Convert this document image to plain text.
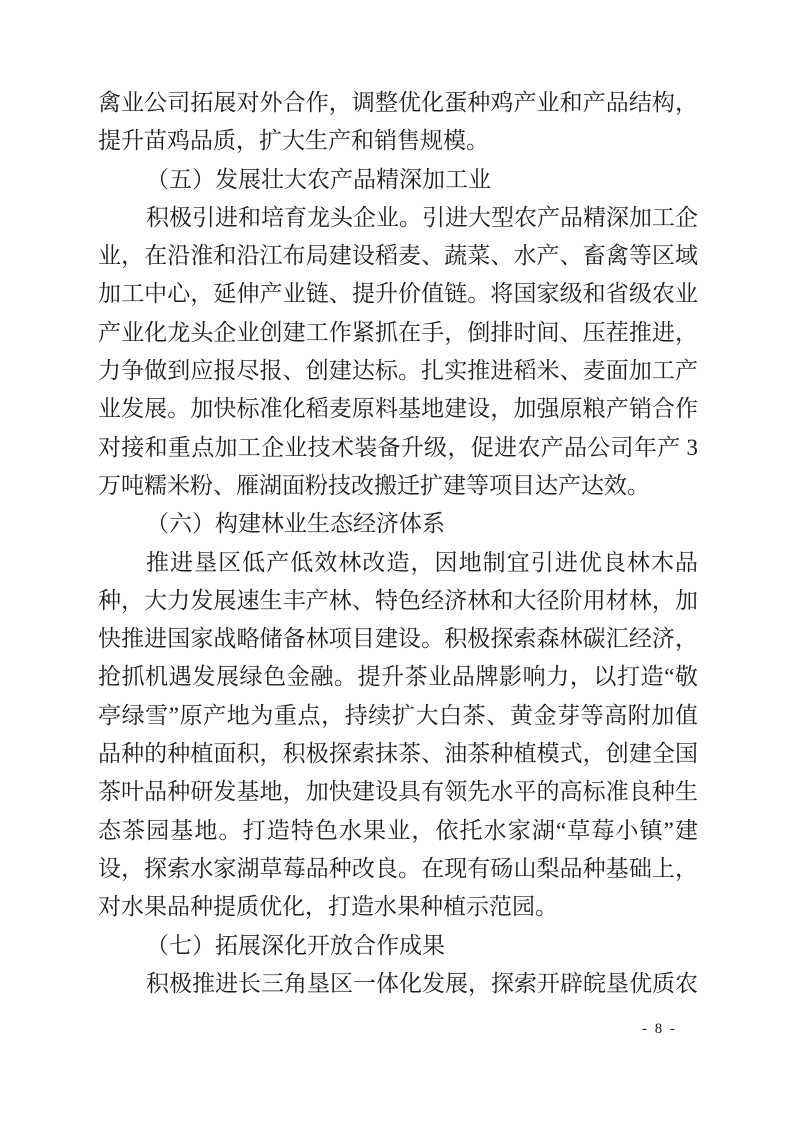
禽业公司拓展对外合作，调整优化蛋种鸡产业和产品结构，提升苗鸡品质，扩大生产和销售规模。

（五）发展壮大农产品精深加工业

积极引进和培育龙头企业。引进大型农产品精深加工企业，在沿淮和沿江布局建设稻麦、蔬菜、水产、畜禽等区域加工中心，延伸产业链、提升价值链。将国家级和省级农业产业化龙头企业创建工作紧抓在手，倒排时间、压茬推进，力争做到应报尽报、创建达标。扎实推进稻米、麦面加工产业发展。加快标准化稻麦原料基地建设，加强原粮产销合作对接和重点加工企业技术装备升级，促进农产品公司年产 3 万吨糯米粉、雁湖面粉技改搬迁扩建等项目达产达效。

（六）构建林业生态经济体系

推进垦区低产低效林改造，因地制宜引进优良林木品种，大力发展速生丰产林、特色经济林和大径阶用材林，加快推进国家战略储备林项目建设。积极探索森林碳汇经济，抢抓机遇发展绿色金融。提升茶业品牌影响力，以打造“敬亭绿雪”原产地为重点，持续扩大白茶、黄金芽等高附加值品种的种植面积，积极探索抹茶、油茶种植模式，创建全国茶叶品种研发基地，加快建设具有领先水平的高标准良种生态茶园基地。打造特色水果业，依托水家湖“草莓小镇”建设，探索水家湖草莓品种改良。在现有砀山梨品种基础上，对水果品种提质优化，打造水果种植示范园。

（七）拓展深化开放合作成果

积极推进长三角垦区一体化发展，探索开辟皖垦优质农

- 8 -
